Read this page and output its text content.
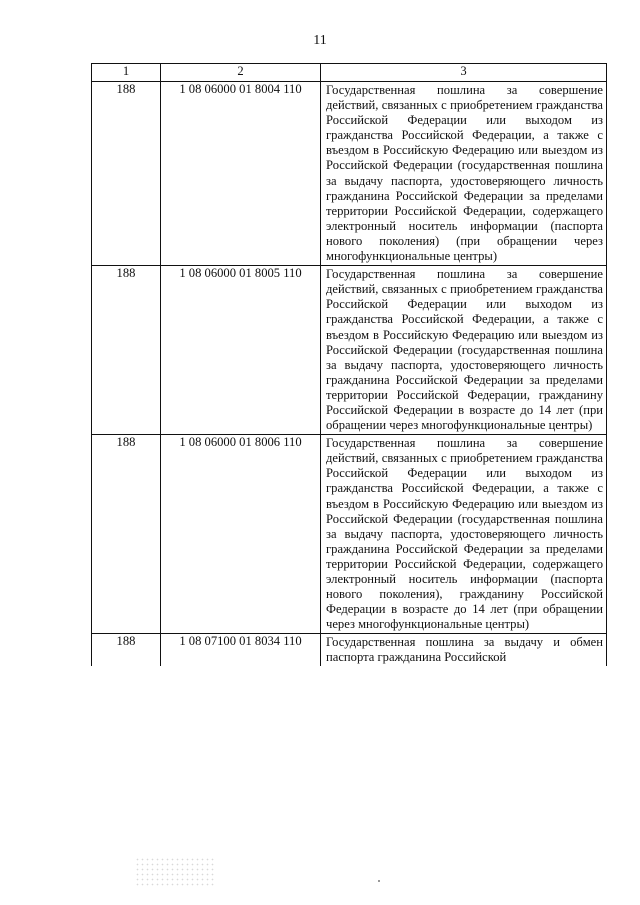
11
1	2	3
188	1 08 06000 01 8004 110	Государственная пошлина за совершение действий, связанных с приобретением гражданства Российской Федерации или выходом из гражданства Российской Федерации, а также с въездом в Российскую Федерацию или выездом из Российской Федерации (государственная пошлина за выдачу паспорта, удостоверяющего личность гражданина Российской Федерации за пределами территории Российской Федерации, содержащего электронный носитель информации (паспорта нового поколения) (при обращении через многофункциональные центры)
188	1 08 06000 01 8005 110	Государственная пошлина за совершение действий, связанных с приобретением гражданства Российской Федерации или выходом из гражданства Российской Федерации, а также с въездом в Российскую Федерацию или выездом из Российской Федерации (государственная пошлина за выдачу паспорта, удостоверяющего личность гражданина Российской Федерации за пределами территории Российской Федерации, гражданину Российской Федерации в возрасте до 14 лет (при обращении через многофункциональные центры)
188	1 08 06000 01 8006 110	Государственная пошлина за совершение действий, связанных с приобретением гражданства Российской Федерации или выходом из гражданства Российской Федерации, а также с въездом в Российскую Федерацию или выездом из Российской Федерации (государственная пошлина за выдачу паспорта, удостоверяющего личность гражданина Российской Федерации за пределами территории Российской Федерации, содержащего электронный носитель информации (паспорта нового поколения), гражданину Российской Федерации в возрасте до 14 лет (при обращении через многофункциональные центры)
188	1 08 07100 01 8034 110	Государственная пошлина за выдачу и обмен паспорта гражданина Российской
